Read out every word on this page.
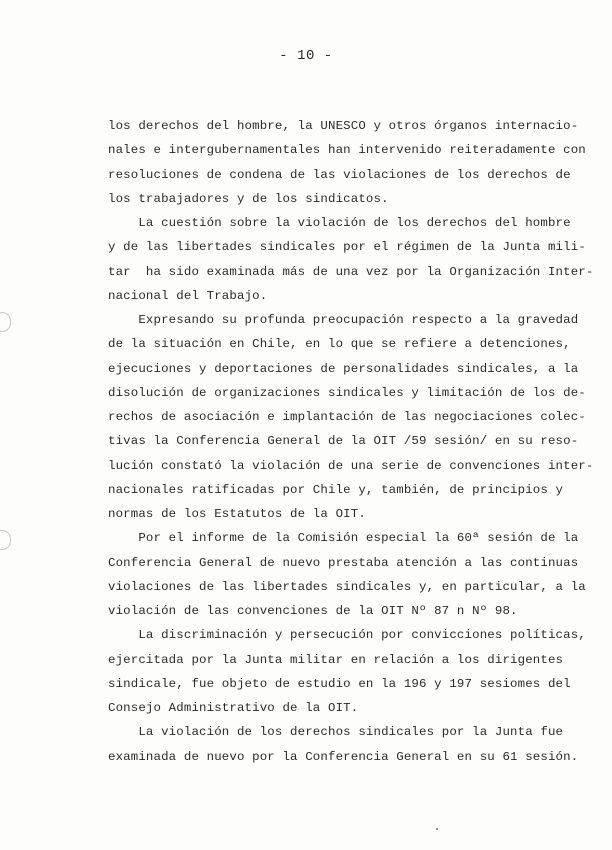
- 10 -
los derechos del hombre, la UNESCO y otros órganos internacio-
nales e intergubernamentales han intervenido reiteradamente con
resoluciones de condena de las violaciones de los derechos de
los trabajadores y de los sindicatos.
La cuestión sobre la violación de los derechos del hombre
y de las libertades sindicales por el régimen de la Junta mili-
tar  ha sido examinada más de una vez por la Organización Inter-
nacional del Trabajo.
Expresando su profunda preocupación respecto a la gravedad
de la situación en Chile, en lo que se refiere a detenciones,
ejecuciones y deportaciones de personalidades sindicales, a la
disolución de organizaciones sindicales y limitación de los de-
rechos de asociación e implantación de las negociaciones colec-
tivas la Conferencia General de la OIT /59 sesión/ en su reso-
lución constató la violación de una serie de convenciones inter-
nacionales ratificadas por Chile y, también, de principios y
normas de los Estatutos de la OIT.
Por el informe de la Comisión especial la 60ª sesión de la
Conferencia General de nuevo prestaba atención a las continuas
violaciones de las libertades sindicales y, en particular, a la
violación de las convenciones de la OIT Nº 87 n Nº 98.
La discriminación y persecución por convicciones políticas,
ejercitada por la Junta militar en relación a los dirigentes
sindicale, fue objeto de estudio en la 196 y 197 sesiomes del
Consejo Administrativo de la OIT.
La violación de los derechos sindicales por la Junta fue
examinada de nuevo por la Conferencia General en su 61 sesión.
